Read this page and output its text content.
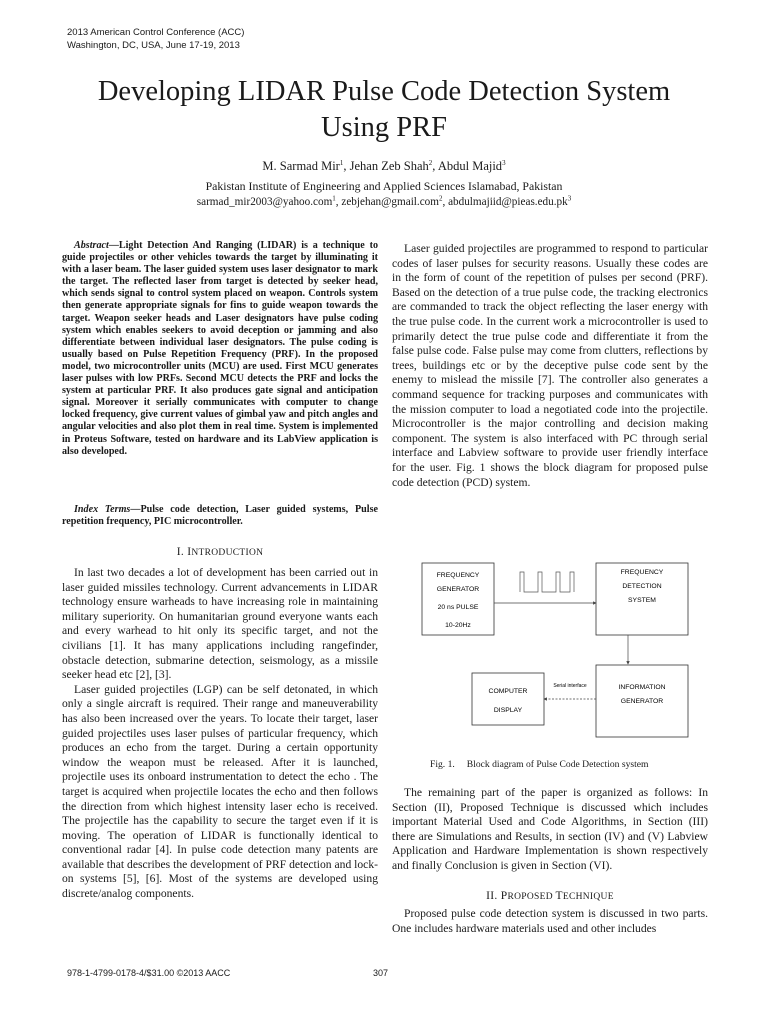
2013 American Control Conference (ACC)
Washington, DC, USA, June 17-19, 2013
Developing LIDAR Pulse Code Detection System
Using PRF
M. Sarmad Mir$^1$, Jehan Zeb Shah$^2$, Abdul Majid$^3$
Pakistan Institute of Engineering and Applied Sciences Islamabad, Pakistan
sarmad_mir2003@yahoo.com$^1$, zebjehan@gmail.com$^2$, $abdulmajiid@pieas.edu.pk^3$

Abstract—Light Detection And Ranging (LIDAR) is a technique to guide projectiles or other vehicles towards the target by illuminating it with a laser beam. The laser guided system uses laser designator to mark the target. The reflected laser from target is detected by seeker head, which sends signal to control system placed on weapon. Controls system then generate appropriate signals for fins to guide weapon towards the target. Weapon seeker heads and Laser designators have pulse coding system which enables seekers to avoid deception or jamming and also differentiate between individual laser designators. The pulse coding is usually based on Pulse Repetition Frequency (PRF). In the proposed model, two microcontroller units (MCU) are used. First MCU generates laser pulses with low PRFs. Second MCU detects the PRF and locks the system at particular PRF. It also produces gate signal and anticipation signal. Moreover it serially communicates with computer to change locked frequency, give current values of gimbal yaw and pitch angles and angular velocities and also plot them in real time. System is implemented in Proteus Software, tested on hardware and its LabView application is also developed.

Index Terms—Pulse code detection, Laser guided systems, Pulse repetition frequency, PIC microcontroller.

I. INTRODUCTION

In last two decades a lot of development has been carried out in laser guided missiles technology. Current advancements in LIDAR technology ensure warheads to have increasing role in maintaining military superiority. On humanitarian ground everyone wants each and every warhead to hit only its specific target, and not the civilians [1]. It has many applications including rangefinder, obstacle detection, submarine detection, seismology, as a missile seeker head etc [2], [3].

Laser guided projectiles (LGP) can be self detonated, in which only a single aircraft is required. Their range and maneuverability has also been increased over the years. To locate their target, laser guided projectiles uses laser pulses of particular frequency, which produces an echo from the target. During a certain opportunity window the weapon must be released. After it is launched, projectile uses its onboard instrumentation to detect the echo . The target is acquired when projectile locates the echo and then follows the direction from which highest intensity laser echo is received. The projectile has the capability to secure the target even if it is moving. The operation of LIDAR is functionally identical to conventional radar [4]. In pulse code detection many patents are available that describes the development of PRF detection and lock-on systems [5], [6]. Most of the systems are developed using discrete/analog components.

Laser guided projectiles are programmed to respond to particular codes of laser pulses for security reasons. Usually these codes are in the form of count of the repetition of pulses per second (PRF). Based on the detection of a true pulse code, the tracking electronics are commanded to track the object reflecting the laser energy with the true pulse code. In the current work a microcontroller is used to primarily detect the true pulse code and differentiate it from the false pulse code. False pulse may come from clutters, reflections by trees, buildings etc or by the deceptive pulse code sent by the enemy to mislead the missile [7]. The controller also generates a command sequence for tracking purposes and communicates with the mission computer to load a negotiated code into the projectile. Microcontroller is the major controlling and decision making component. The system is also interfaced with PC through serial interface and Labview software to provide user friendly interface for the user. Fig. 1 shows the block diagram for proposed pulse code detection (PCD) system.

FREQUENCY
GENERATOR
20 ns PULSE
10-20Hz
FREQUENCY
DETECTION
SYSTEM
INFORMATION
GENERATOR
Serial interface
COMPUTER
DISPLAY
Fig. 1. Block diagram of Pulse Code Detection system

The remaining part of the paper is organized as follows: In Section (II), Proposed Technique is discussed which includes important Material Used and Code Algorithms, in Section (III) there are Simulations and Results, in section (IV) and (V) Labview Application and Hardware Implementation is shown respectively and finally Conclusion is given in Section (VI).

II. PROPOSED TECHNIQUE

Proposed pulse code detection system is discussed in two parts. One includes hardware materials used and other includes

978-1-4799-0178-4/$31.00 ©2013 AACC	307
